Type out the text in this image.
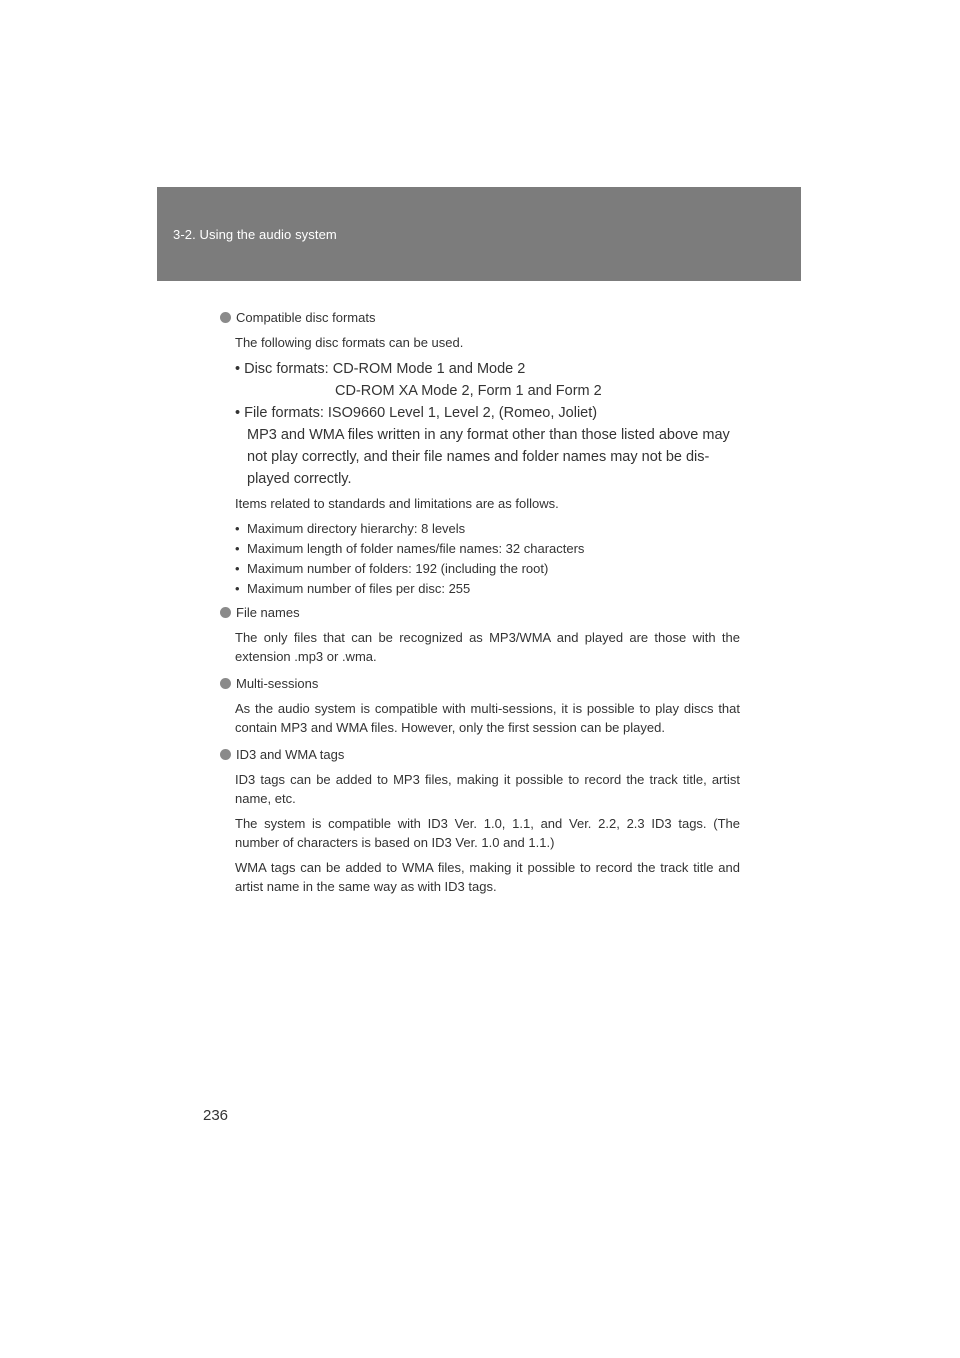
3-2. Using the audio system
Compatible disc formats
The following disc formats can be used.
• Disc formats: CD-ROM Mode 1 and Mode 2
CD-ROM XA Mode 2, Form 1 and Form 2
• File formats: ISO9660 Level 1, Level 2, (Romeo, Joliet)
MP3 and WMA files written in any format other than those listed above may not play correctly, and their file names and folder names may not be dis- played correctly.
Items related to standards and limitations are as follows.
• Maximum directory hierarchy: 8 levels
• Maximum length of folder names/file names: 32 characters
• Maximum number of folders: 192 (including the root)
• Maximum number of files per disc: 255
File names
The only files that can be recognized as MP3/WMA and played are those with the extension .mp3 or .wma.
Multi-sessions
As the audio system is compatible with multi-sessions, it is possible to play discs that contain MP3 and WMA files. However, only the first session can be played.
ID3 and WMA tags
ID3 tags can be added to MP3 files, making it possible to record the track title, artist name, etc.
The system is compatible with ID3 Ver. 1.0, 1.1, and Ver. 2.2, 2.3 ID3 tags. (The number of characters is based on ID3 Ver. 1.0 and 1.1.)
WMA tags can be added to WMA files, making it possible to record the track title and artist name in the same way as with ID3 tags.
236
